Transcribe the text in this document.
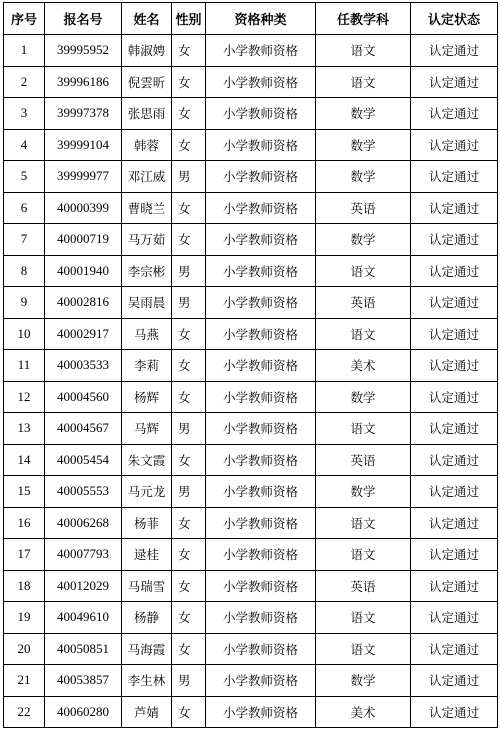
序号	报名号	姓名	性别	资格种类	任教学科	认定状态
1	39995952	韩淑娉	女	小学教师资格	语文	认定通过
2	39996186	倪雲昕	女	小学教师资格	语文	认定通过
3	39997378	张思雨	女	小学教师资格	数学	认定通过
4	39999104	韩蓉	女	小学教师资格	数学	认定通过
5	39999977	邓江威	男	小学教师资格	数学	认定通过
6	40000399	曹晓兰	女	小学教师资格	英语	认定通过
7	40000719	马万茹	女	小学教师资格	数学	认定通过
8	40001940	李宗彬	男	小学教师资格	语文	认定通过
9	40002816	吴雨晨	男	小学教师资格	英语	认定通过
10	40002917	马燕	女	小学教师资格	语文	认定通过
11	40003533	李莉	女	小学教师资格	美术	认定通过
12	40004560	杨辉	女	小学教师资格	数学	认定通过
13	40004567	马辉	男	小学教师资格	语文	认定通过
14	40005454	朱文霞	女	小学教师资格	英语	认定通过
15	40005553	马元龙	男	小学教师资格	数学	认定通过
16	40006268	杨菲	女	小学教师资格	语文	认定通过
17	40007793	逯桂	女	小学教师资格	语文	认定通过
18	40012029	马瑞雪	女	小学教师资格	英语	认定通过
19	40049610	杨静	女	小学教师资格	语文	认定通过
20	40050851	马海霞	女	小学教师资格	语文	认定通过
21	40053857	李生林	男	小学教师资格	数学	认定通过
22	40060280	芦婧	女	小学教师资格	美术	认定通过
